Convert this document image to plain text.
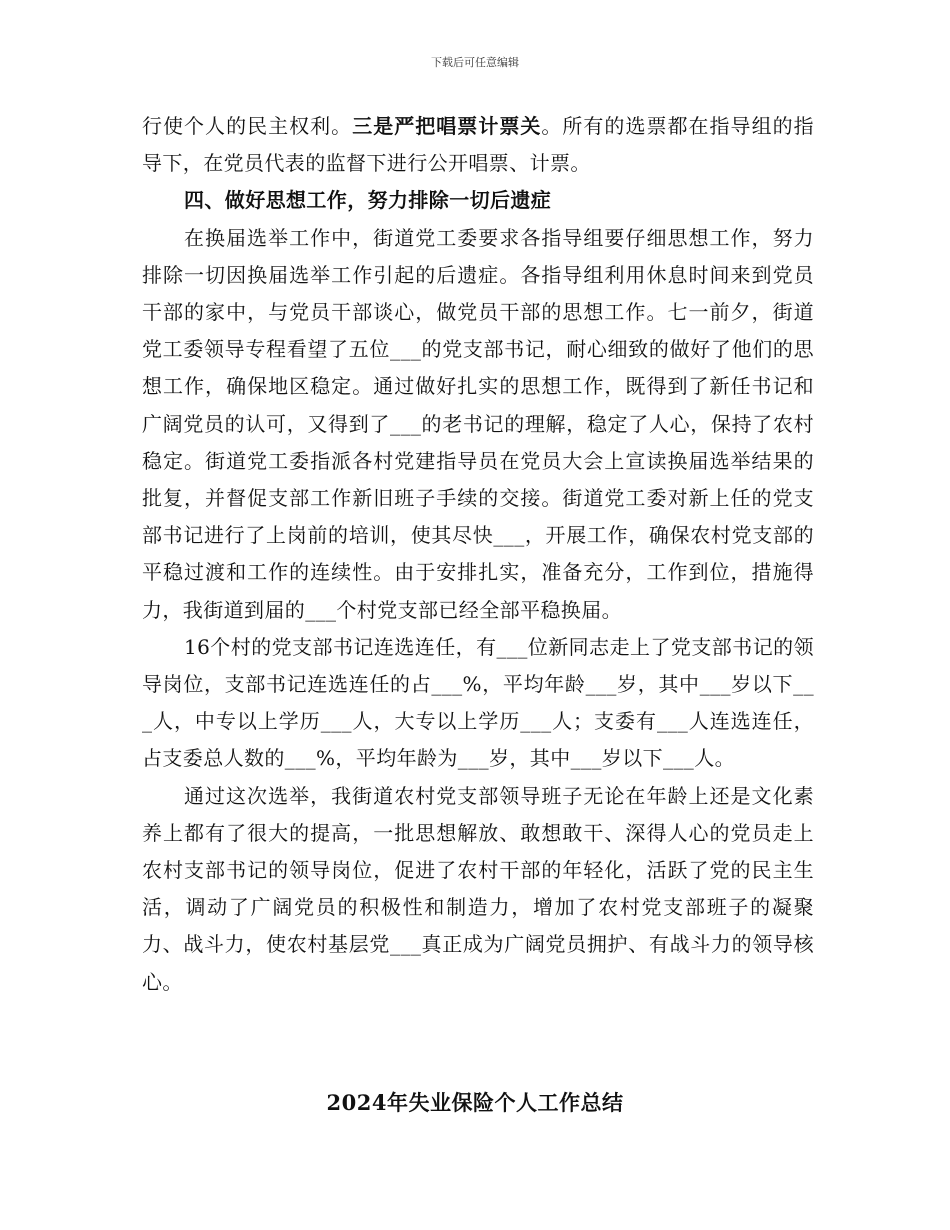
下载后可任意编辑

行使个人的民主权利。三是严把唱票计票关。所有的选票都在指导组的指导下，在党员代表的监督下进行公开唱票、计票。

四、做好思想工作，努力排除一切后遗症

在换届选举工作中，街道党工委要求各指导组要仔细思想工作，努力排除一切因换届选举工作引起的后遗症。各指导组利用休息时间来到党员干部的家中，与党员干部谈心，做党员干部的思想工作。七一前夕，街道党工委领导专程看望了五位___的党支部书记，耐心细致的做好了他们的思想工作，确保地区稳定。通过做好扎实的思想工作，既得到了新任书记和广阔党员的认可，又得到了___的老书记的理解，稳定了人心，保持了农村稳定。街道党工委指派各村党建指导员在党员大会上宣读换届选举结果的批复，并督促支部工作新旧班子手续的交接。街道党工委对新上任的党支部书记进行了上岗前的培训，使其尽快___，开展工作，确保农村党支部的平稳过渡和工作的连续性。由于安排扎实，准备充分，工作到位，措施得力，我街道到届的___个村党支部已经全部平稳换届。

16个村的党支部书记连选连任，有___位新同志走上了党支部书记的领导岗位，支部书记连选连任的占___%，平均年龄___岁，其中___岁以下___人，中专以上学历___人，大专以上学历___人；支委有___人连选连任，占支委总人数的___%，平均年龄为___岁，其中___岁以下___人。

通过这次选举，我街道农村党支部领导班子无论在年龄上还是文化素养上都有了很大的提高，一批思想解放、敢想敢干、深得人心的党员走上农村支部书记的领导岗位，促进了农村干部的年轻化，活跃了党的民主生活，调动了广阔党员的积极性和制造力，增加了农村党支部班子的凝聚力、战斗力，使农村基层党___真正成为广阔党员拥护、有战斗力的领导核心。

2024年失业保险个人工作总结
